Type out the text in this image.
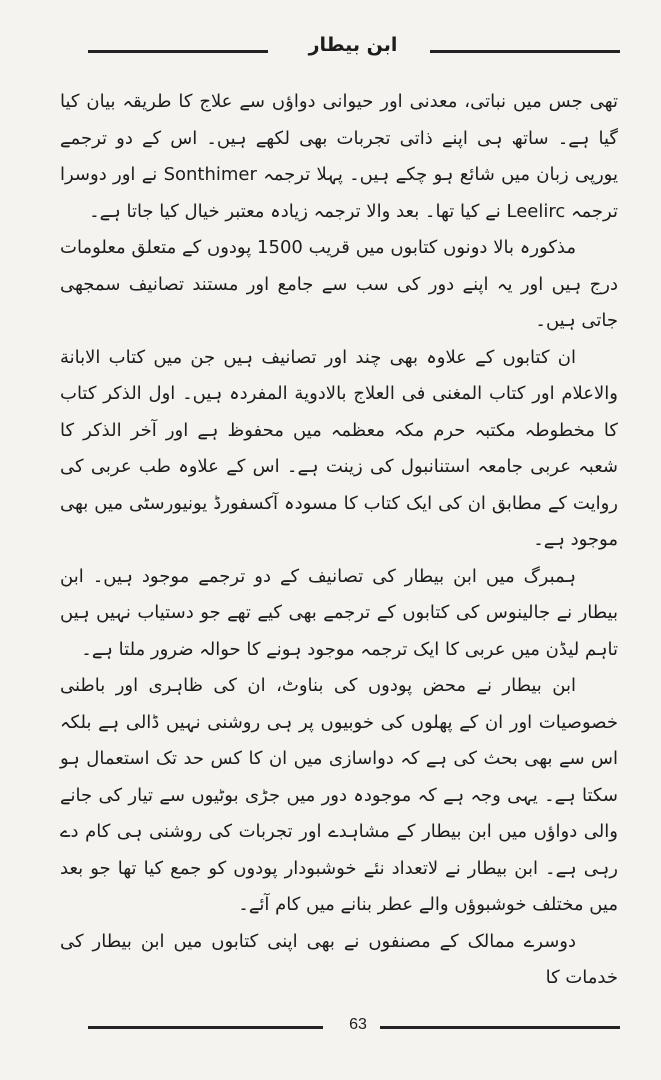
ابن بیطار

تھی جس میں نباتی، معدنی اور حیوانی دواؤں سے علاج کا طریقہ بیان کیا گیا ہے۔ ساتھ ہی اپنے ذاتی تجربات بھی لکھے ہیں۔ اس کے دو ترجمے یورپی زبان میں شائع ہو چکے ہیں۔ پہلا ترجمہ Sonthimer نے اور دوسرا ترجمہ Leelirc نے کیا تھا۔ بعد والا ترجمہ زیادہ معتبر خیال کیا جاتا ہے۔

مذکورہ بالا دونوں کتابوں میں قریب 1500 پودوں کے متعلق معلومات درج ہیں اور یہ اپنے دور کی سب سے جامع اور مستند تصانیف سمجھی جاتی ہیں۔

ان کتابوں کے علاوہ بھی چند اور تصانیف ہیں جن میں کتاب الابانة والاعلام اور کتاب المغنی فی العلاج بالادویة المفردہ ہیں۔ اول الذکر کتاب کا مخطوطہ مکتبہ حرم مکہ معظمہ میں محفوظ ہے اور آخر الذکر کا شعبہ عربی جامعہ استنانبول کی زینت ہے۔ اس کے علاوہ طب عربی کی روایت کے مطابق ان کی ایک کتاب کا مسودہ آکسفورڈ یونیورسٹی میں بھی موجود ہے۔

ہمبرگ میں ابن بیطار کی تصانیف کے دو ترجمے موجود ہیں۔ ابن بیطار نے جالینوس کی کتابوں کے ترجمے بھی کیے تھے جو دستیاب نہیں ہیں تاہم لیڈن میں عربی کا ایک ترجمہ موجود ہونے کا حوالہ ضرور ملتا ہے۔

ابن بیطار نے محض پودوں کی بناوٹ، ان کی ظاہری اور باطنی خصوصیات اور ان کے پھلوں کی خوبیوں پر ہی روشنی نہیں ڈالی ہے بلکہ اس سے بھی بحث کی ہے کہ دواسازی میں ان کا کس حد تک استعمال ہو سکتا ہے۔ یہی وجہ ہے کہ موجودہ دور میں جڑی بوٹیوں سے تیار کی جانے والی دواؤں میں ابن بیطار کے مشاہدے اور تجربات کی روشنی ہی کام دے رہی ہے۔ ابن بیطار نے لاتعداد نئے خوشبودار پودوں کو جمع کیا تھا جو بعد میں مختلف خوشبوؤں والے عطر بنانے میں کام آئے۔

دوسرے ممالک کے مصنفوں نے بھی اپنی کتابوں میں ابن بیطار کی خدمات کا

63
